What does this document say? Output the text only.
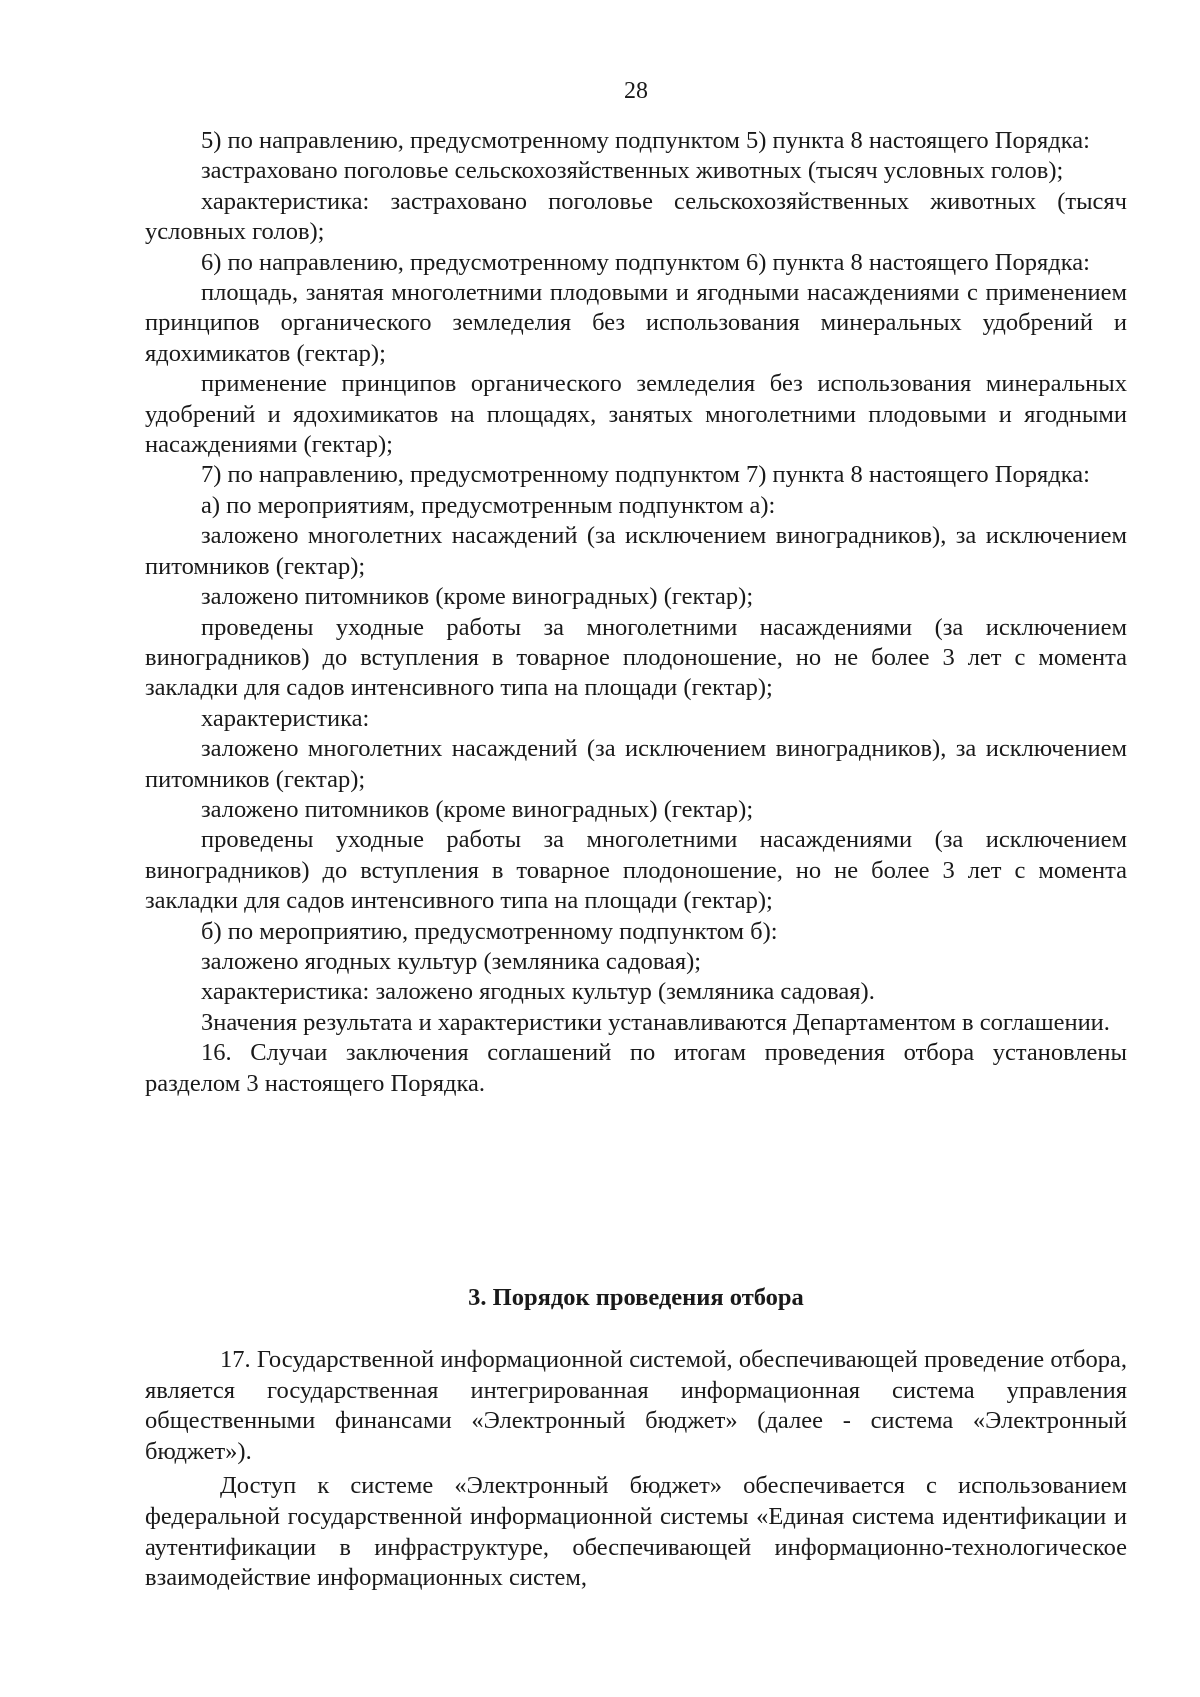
28

5) по направлению, предусмотренному подпунктом 5) пункта 8 настоящего Порядка:

застраховано поголовье сельскохозяйственных животных (тысяч условных голов);

характеристика: застраховано поголовье сельскохозяйственных животных (тысяч условных голов);

6) по направлению, предусмотренному подпунктом 6) пункта 8 настоящего Порядка:

площадь, занятая многолетними плодовыми и ягодными насаждениями с применением принципов органического земледелия без использования минеральных удобрений и ядохимикатов (гектар);

применение принципов органического земледелия без использования минеральных удобрений и ядохимикатов на площадях, занятых многолетними плодовыми и ягодными насаждениями (гектар);

7) по направлению, предусмотренному подпунктом 7) пункта 8 настоящего Порядка:

а) по мероприятиям, предусмотренным подпунктом а):

заложено многолетних насаждений (за исключением виноградников), за исключением питомников (гектар);

заложено питомников (кроме виноградных) (гектар);

проведены уходные работы за многолетними насаждениями (за исключением виноградников) до вступления в товарное плодоношение, но не более 3 лет с момента закладки для садов интенсивного типа на площади (гектар);

характеристика:

заложено многолетних насаждений (за исключением виноградников), за исключением питомников (гектар);

заложено питомников (кроме виноградных) (гектар);

проведены уходные работы за многолетними насаждениями (за исключением виноградников) до вступления в товарное плодоношение, но не более 3 лет с момента закладки для садов интенсивного типа на площади (гектар);

б) по мероприятию, предусмотренному подпунктом б):

заложено ягодных культур (земляника садовая);

характеристика: заложено ягодных культур (земляника садовая).

Значения результата и характеристики устанавливаются Департаментом в соглашении.

16. Случаи заключения соглашений по итогам проведения отбора установлены разделом 3 настоящего Порядка.

3. Порядок проведения отбора

17. Государственной информационной системой, обеспечивающей проведение отбора, является государственная интегрированная информационная система управления общественными финансами «Электронный бюджет» (далее - система «Электронный бюджет»).

Доступ к системе «Электронный бюджет» обеспечивается с использованием федеральной государственной информационной системы «Единая система идентификации и аутентификации в инфраструктуре, обеспечивающей информационно-технологическое взаимодействие информационных систем,
